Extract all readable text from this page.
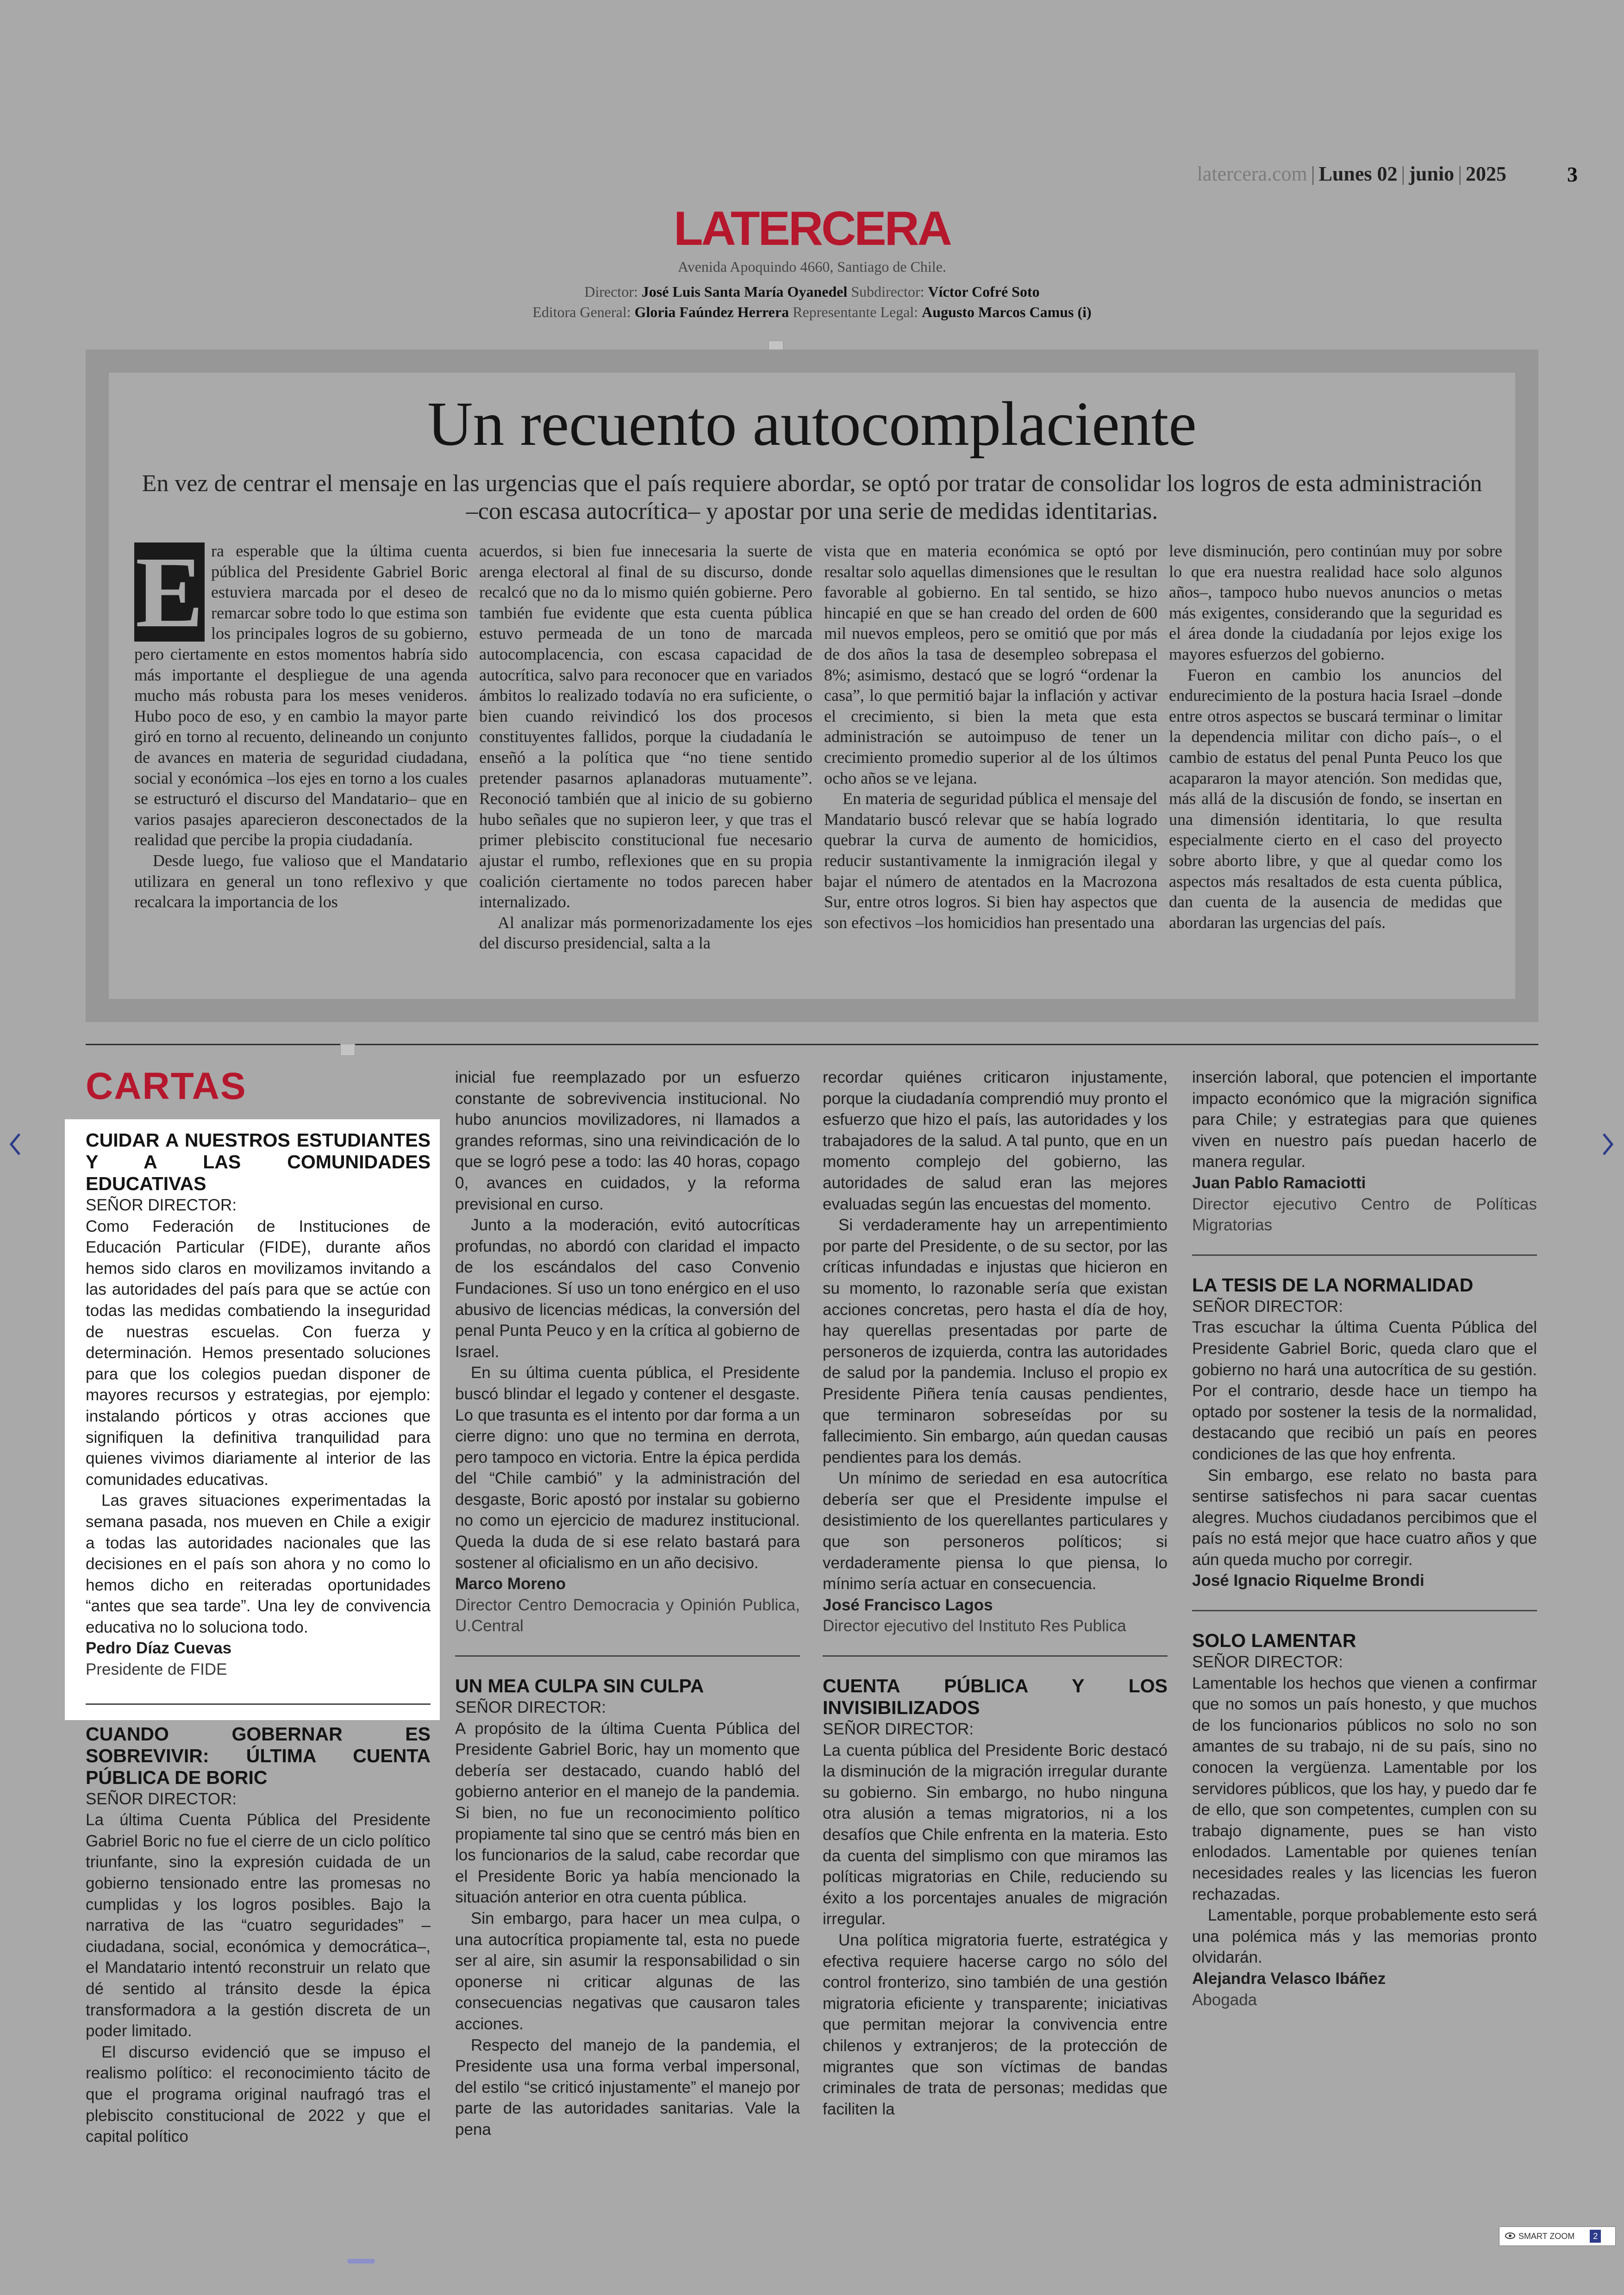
latercera.com | Lunes 02 | junio | 2025	3
LATERCERA
Avenida Apoquindo 4660, Santiago de Chile.
Director: José Luis Santa María Oyanedel Subdirector: Víctor Cofré Soto
Editora General: Gloria Faúndez Herrera Representante Legal: Augusto Marcos Camus (i)
Un recuento autocomplaciente
En vez de centrar el mensaje en las urgencias que el país requiere abordar, se optó por tratar de consolidar los logros de esta administración –con escasa autocrítica– y apostar por una serie de medidas identitarias.
E ra esperable que la última cuenta pública del Presidente Gabriel Boric estuviera marcada por el deseo de remarcar sobre todo lo que estima son los principales logros de su gobierno, pero ciertamente en estos momentos habría sido más importante el despliegue de una agenda mucho más robusta para los meses venideros. Hubo poco de eso, y en cambio la mayor parte giró en torno al recuento, delineando un conjunto de avances en materia de seguridad ciudadana, social y económica –los ejes en torno a los cuales se estructuró el discurso del Mandatario– que en varios pasajes aparecieron desconectados de la realidad que percibe la propia ciudadanía.

Desde luego, fue valioso que el Mandatario utilizara en general un tono reflexivo y que recalcara la importancia de los

acuerdos, si bien fue innecesaria la suerte de arenga electoral al final de su discurso, donde recalcó que no da lo mismo quién gobierne. Pero también fue evidente que esta cuenta pública estuvo permeada de un tono de marcada autocomplacencia, con escasa capacidad de autocrítica, salvo para reconocer que en variados ámbitos lo realizado todavía no era suficiente, o bien cuando reivindicó los dos procesos constituyentes fallidos, porque la ciudadanía le enseñó a la política que “no tiene sentido pretender pasarnos aplanadoras mutuamente”. Reconoció también que al inicio de su gobierno hubo señales que no supieron leer, y que tras el primer plebiscito constitucional fue necesario ajustar el rumbo, reflexiones que en su propia coalición ciertamente no todos parecen haber internalizado.

Al analizar más pormenorizadamente los ejes del discurso presidencial, salta a la

vista que en materia económica se optó por resaltar solo aquellas dimensiones que le resultan favorable al gobierno. En tal sentido, se hizo hincapié en que se han creado del orden de 600 mil nuevos empleos, pero se omitió que por más de dos años la tasa de desempleo sobrepasa el 8%; asimismo, destacó que se logró “ordenar la casa”, lo que permitió bajar la inflación y activar el crecimiento, si bien la meta que esta administración se autoimpuso de tener un crecimiento promedio superior al de los últimos ocho años se ve lejana.

En materia de seguridad pública el mensaje del Mandatario buscó relevar que se había logrado quebrar la curva de aumento de homicidios, reducir sustantivamente la inmigración ilegal y bajar el número de atentados en la Macrozona Sur, entre otros logros. Si bien hay aspectos que son efectivos –los homicidios han presentado una

leve disminución, pero continúan muy por sobre lo que era nuestra realidad hace solo algunos años–, tampoco hubo nuevos anuncios o metas más exigentes, considerando que la seguridad es el área donde la ciudadanía por lejos exige los mayores esfuerzos del gobierno.

Fueron en cambio los anuncios del endurecimiento de la postura hacia Israel –donde entre otros aspectos se buscará terminar o limitar la dependencia militar con dicho país–, o el cambio de estatus del penal Punta Peuco los que acapararon la mayor atención. Son medidas que, más allá de la discusión de fondo, se insertan en una dimensión identitaria, lo que resulta especialmente cierto en el caso del proyecto sobre aborto libre, y que al quedar como los aspectos más resaltados de esta cuenta pública, dan cuenta de la ausencia de medidas que abordaran las urgencias del país.

CARTAS

CUIDAR A NUESTROS ESTUDIANTES Y A LAS COMUNIDADES EDUCATIVAS

SEÑOR DIRECTOR:

Como Federación de Instituciones de Educación Particular (FIDE), durante años hemos sido claros en movilizamos invitando a las autoridades del país para que se actúe con todas las medidas combatiendo la inseguridad de nuestras escuelas. Con fuerza y determinación. Hemos presentado soluciones para que los colegios puedan disponer de mayores recursos y estrategias, por ejemplo: instalando pórticos y otras acciones que signifiquen la definitiva tranquilidad para quienes vivimos diariamente al interior de las comunidades educativas.

Las graves situaciones experimentadas la semana pasada, nos mueven en Chile a exigir a todas las autoridades nacionales que las decisiones en el país son ahora y no como lo hemos dicho en reiteradas oportunidades “antes que sea tarde”. Una ley de convivencia educativa no lo soluciona todo.

Pedro Díaz Cuevas

Presidente de FIDE

CUANDO GOBERNAR ES SOBREVIVIR: ÚLTIMA CUENTA PÚBLICA DE BORIC

SEÑOR DIRECTOR:

La última Cuenta Pública del Presidente Gabriel Boric no fue el cierre de un ciclo político triunfante, sino la expresión cuidada de un gobierno tensionado entre las promesas no cumplidas y los logros posibles. Bajo la narrativa de las “cuatro seguridades” –ciudadana, social, económica y democrática–, el Mandatario intentó reconstruir un relato que dé sentido al tránsito desde la épica transformadora a la gestión discreta de un poder limitado.

El discurso evidenció que se impuso el realismo político: el reconocimiento tácito de que el programa original naufragó tras el plebiscito constitucional de 2022 y que el capital político

inicial fue reemplazado por un esfuerzo constante de sobrevivencia institucional. No hubo anuncios movilizadores, ni llamados a grandes reformas, sino una reivindicación de lo que se logró pese a todo: las 40 horas, copago 0, avances en cuidados, y la reforma previsional en curso.

Junto a la moderación, evitó autocríticas profundas, no abordó con claridad el impacto de los escándalos del caso Convenio Fundaciones. Sí uso un tono enérgico en el uso abusivo de licencias médicas, la conversión del penal Punta Peuco y en la crítica al gobierno de Israel.

En su última cuenta pública, el Presidente buscó blindar el legado y contener el desgaste. Lo que trasunta es el intento por dar forma a un cierre digno: uno que no termina en derrota, pero tampoco en victoria. Entre la épica perdida del “Chile cambió” y la administración del desgaste, Boric apostó por instalar su gobierno no como un ejercicio de madurez institucional. Queda la duda de si ese relato bastará para sostener al oficialismo en un año decisivo.

Marco Moreno

Director Centro Democracia y Opinión Publica, U.Central

UN MEA CULPA SIN CULPA

SEÑOR DIRECTOR:

A propósito de la última Cuenta Pública del Presidente Gabriel Boric, hay un momento que debería ser destacado, cuando habló del gobierno anterior en el manejo de la pandemia. Si bien, no fue un reconocimiento político propiamente tal sino que se centró más bien en los funcionarios de la salud, cabe recordar que el Presidente Boric ya había mencionado la situación anterior en otra cuenta pública.

Sin embargo, para hacer un mea culpa, o una autocrítica propiamente tal, esta no puede ser al aire, sin asumir la responsabilidad o sin oponerse ni criticar algunas de las consecuencias negativas que causaron tales acciones.

Respecto del manejo de la pandemia, el Presidente usa una forma verbal impersonal, del estilo “se criticó injustamente” el manejo por parte de las autoridades sanitarias. Vale la pena

recordar quiénes criticaron injustamente, porque la ciudadanía comprendió muy pronto el esfuerzo que hizo el país, las autoridades y los trabajadores de la salud. A tal punto, que en un momento complejo del gobierno, las autoridades de salud eran las mejores evaluadas según las encuestas del momento.

Si verdaderamente hay un arrepentimiento por parte del Presidente, o de su sector, por las críticas infundadas e injustas que hicieron en su momento, lo razonable sería que existan acciones concretas, pero hasta el día de hoy, hay querellas presentadas por parte de personeros de izquierda, contra las autoridades de salud por la pandemia. Incluso el propio ex Presidente Piñera tenía causas pendientes, que terminaron sobreseídas por su fallecimiento. Sin embargo, aún quedan causas pendientes para los demás.

Un mínimo de seriedad en esa autocrítica debería ser que el Presidente impulse el desistimiento de los querellantes particulares y que son personeros políticos; si verdaderamente piensa lo que piensa, lo mínimo sería actuar en consecuencia.

José Francisco Lagos

Director ejecutivo del Instituto Res Publica

CUENTA PÚBLICA Y LOS INVISIBILIZADOS

SEÑOR DIRECTOR:

La cuenta pública del Presidente Boric destacó la disminución de la migración irregular durante su gobierno. Sin embargo, no hubo ninguna otra alusión a temas migratorios, ni a los desafíos que Chile enfrenta en la materia. Esto da cuenta del simplismo con que miramos las políticas migratorias en Chile, reduciendo su éxito a los porcentajes anuales de migración irregular.

Una política migratoria fuerte, estratégica y efectiva requiere hacerse cargo no sólo del control fronterizo, sino también de una gestión migratoria eficiente y transparente; iniciativas que permitan mejorar la convivencia entre chilenos y extranjeros; de la protección de migrantes que son víctimas de bandas criminales de trata de personas; medidas que faciliten la

inserción laboral, que potencien el importante impacto económico que la migración significa para Chile; y estrategias para que quienes viven en nuestro país puedan hacerlo de manera regular.

Juan Pablo Ramaciotti

Director ejecutivo Centro de Políticas Migratorias

LA TESIS DE LA NORMALIDAD

SEÑOR DIRECTOR:

Tras escuchar la última Cuenta Pública del Presidente Gabriel Boric, queda claro que el gobierno no hará una autocrítica de su gestión. Por el contrario, desde hace un tiempo ha optado por sostener la tesis de la normalidad, destacando que recibió un país en peores condiciones de las que hoy enfrenta.

Sin embargo, ese relato no basta para sentirse satisfechos ni para sacar cuentas alegres. Muchos ciudadanos percibimos que el país no está mejor que hace cuatro años y que aún queda mucho por corregir.

José Ignacio Riquelme Brondi

SOLO LAMENTAR

SEÑOR DIRECTOR:

Lamentable los hechos que vienen a confirmar que no somos un país honesto, y que muchos de los funcionarios públicos no solo no son amantes de su trabajo, ni de su país, sino no conocen la vergüenza. Lamentable por los servidores públicos, que los hay, y puedo dar fe de ello, que son competentes, cumplen con su trabajo dignamente, pues se han visto enlodados. Lamentable por quienes tenían necesidades reales y las licencias les fueron rechazadas.

Lamentable, porque probablemente esto será una polémica más y las memorias pronto olvidarán.

Alejandra Velasco Ibáñez

Abogada

SMART ZOOM 2
